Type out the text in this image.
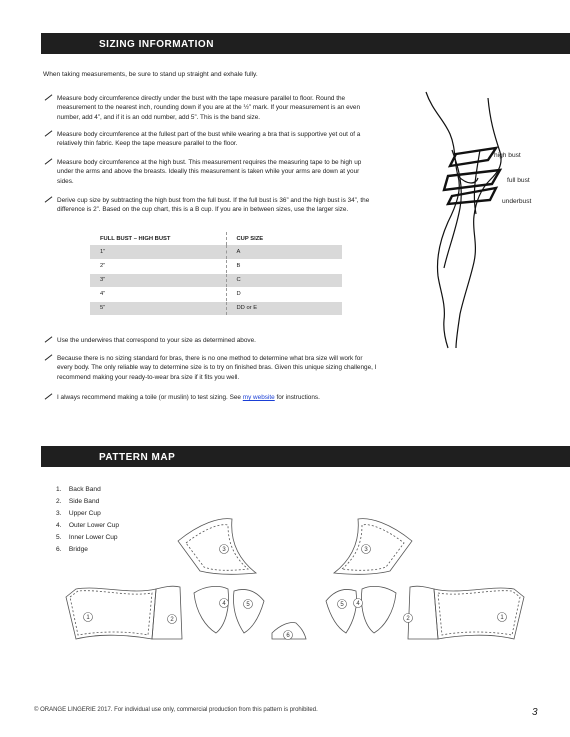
SIZING INFORMATION
When taking measurements, be sure to stand up straight and exhale fully.
Measure body circumference directly under the bust with the tape measure parallel to floor. Round the measurement to the nearest inch, rounding down if you are at the ½” mark. If your measurement is an even number, add 4”, and if it is an odd number, add 5”. This is the band size.
Measure body circumference at the fullest part of the bust while wearing a bra that is supportive yet out of a relatively thin fabric. Keep the tape measure parallel to the floor.
Measure body circumference at the high bust. This measurement requires the measuring tape to be high up under the arms and above the breasts. Ideally this measurement is taken while your arms are down at your sides.
Derive cup size by subtracting the high bust from the full bust. If the full bust is 36” and the high bust is 34”, the difference is 2”. Based on the cup chart, this is a B cup. If you are in between sizes, use the larger size.
FULL BUST – HIGH BUST	CUP SIZE
1”	A
2”	B
3”	C
4”	D
5”	DD or E
Use the underwires that correspond to your size as determined above.
Because there is no sizing standard for bras, there is no one method to determine what bra size will work for every body. The only reliable way to determine size is to try on finished bras. Given this unique sizing challenge, I recommend making your ready-to-wear bra size if it fits you well.
I always recommend making a toile (or muslin) to test sizing. See my website for instructions.
high bust
full bust
underbust
PATTERN MAP
1. Back Band
2. Side Band
3. Upper Cup
4. Outer Lower Cup
5. Inner Lower Cup
6. Bridge
1	2
3
4	5
6
5 4
3
2	1
© ORANGE LINGERIE 2017. For individual use only, commercial production from this pattern is prohibited.	3
